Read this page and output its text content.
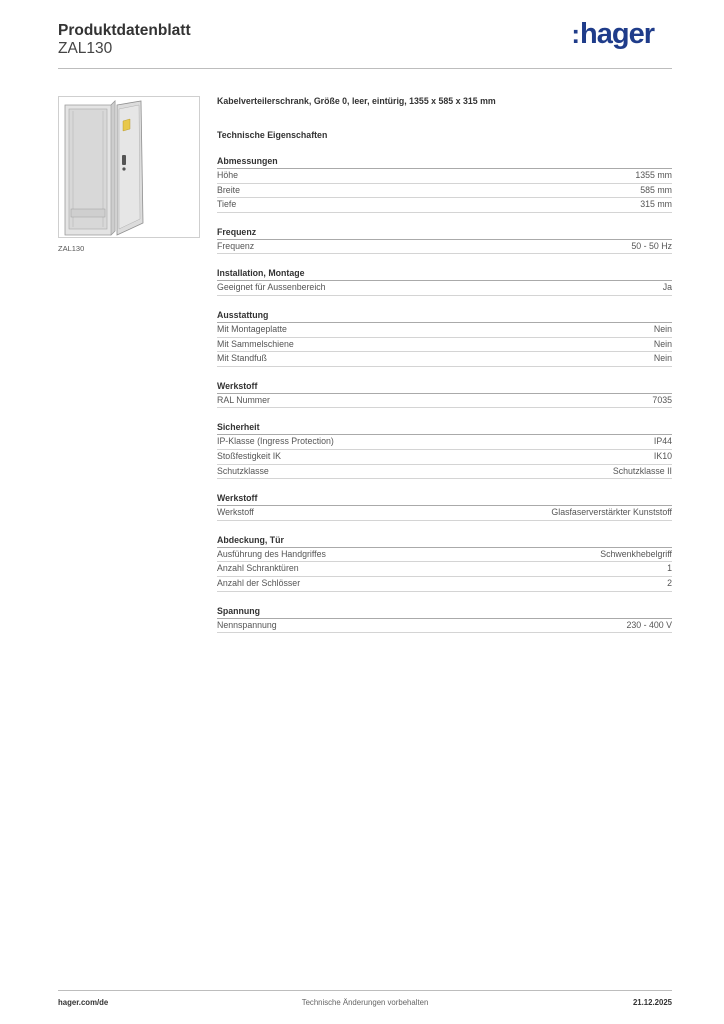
Produktdatenblatt
ZAL130	:hager
ZAL130
Kabelverteilerschrank, Größe 0, leer, eintürig, 1355 x 585 x 315 mm
Technische Eigenschaften
Abmessungen
Höhe	1355 mm
Breite	585 mm
Tiefe	315 mm
Frequenz
Frequenz	50 - 50 Hz
Installation, Montage
Geeignet für Aussenbereich	Ja
Ausstattung
Mit Montageplatte	Nein
Mit Sammelschiene	Nein
Mit Standfuß	Nein
Werkstoff
RAL Nummer	7035
Sicherheit
IP-Klasse (Ingress Protection)	IP44
Stoßfestigkeit IK	IK10
Schutzklasse	Schutzklasse II
Werkstoff
Werkstoff	Glasfaserverstärkter Kunststoff
Abdeckung, Tür
Ausführung des Handgriffes	Schwenkhebelgriff
Anzahl Schranktüren	1
Anzahl der Schlösser	2
Spannung
Nennspannung	230 - 400 V
hager.com/de	Technische Änderungen vorbehalten	21.12.2025
